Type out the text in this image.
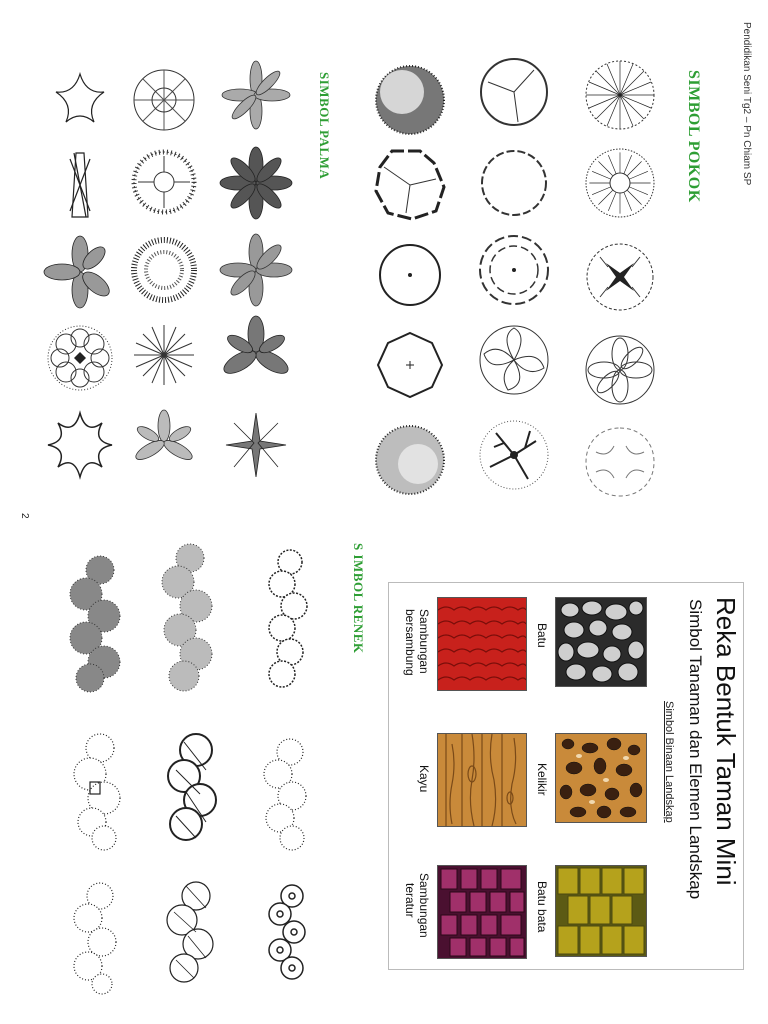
Pendidikan Seni Tg2 – Pn Chiam SP
SIMBOL POKOK
SIMBOL PALMA
S IMBOL RENEK
2
Reka Bentuk Taman Mini
Simbol Tanaman dan Elemen Landskap
Simbol Binaan Landskap
Batu
Kelikir
Batu bata
Sambungan
bersambung
Kayu
Sambungan
teratur
